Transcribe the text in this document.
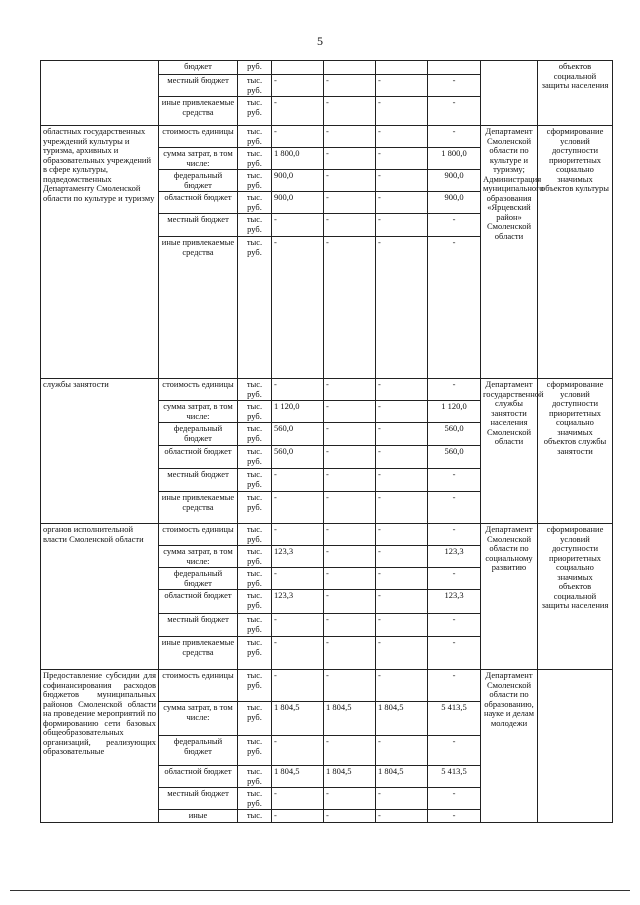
5
	бюджет	руб.						объектов социальной защиты населения
	местный бюджет	тыс. руб.	-	-	-	-		
	иные привлекаемые средства	тыс. руб.	-	-	-	-		
областных государственных учреждений культуры и туризма, архивных и образовательных учреждений в сфере культуры, подведомственных Департаменту Смоленской области по культуре и туризму	стоимость единицы	тыс. руб.	-	-	-	-	Департамент Смоленской области по культуре и туризму; Администрация муниципального образования «Ярцевский район» Смоленской области	сформирование условий доступности приоритетных социально значимых объектов культуры
	сумма затрат, в том числе:	тыс. руб.	1 800,0	-	-	1 800,0		
	федеральный бюджет	тыс. руб.	900,0	-	-	900,0		
	областной бюджет	тыс. руб.	900,0	-	-	900,0		
	местный бюджет	тыс. руб.	-	-	-	-		
	иные привлекаемые средства	тыс. руб.	-	-	-	-		
службы занятости	стоимость единицы	тыс. руб.	-	-	-	-	Департамент государственной службы занятости населения Смоленской области	сформирование условий доступности приоритетных социально значимых объектов службы занятости
	сумма затрат, в том числе:	тыс. руб.	1 120,0	-	-	1 120,0		
	федеральный бюджет	тыс. руб.	560,0	-	-	560,0		
	областной бюджет	тыс. руб.	560,0	-	-	560,0		
	местный бюджет	тыс. руб.	-	-	-	-		
	иные привлекаемые средства	тыс. руб.	-	-	-	-		
органов исполнительной власти Смоленской области	стоимость единицы	тыс. руб.	-	-	-	-	Департамент Смоленской области по социальному развитию	сформирование условий доступности приоритетных социально значимых объектов социальной защиты населения
	сумма затрат, в том числе:	тыс. руб.	123,3	-	-	123,3		
	федеральный бюджет	тыс. руб.	-	-	-	-		
	областной бюджет	тыс. руб.	123,3	-	-	123,3		
	местный бюджет	тыс. руб.	-	-	-	-		
	иные привлекаемые средства	тыс. руб.	-	-	-	-		
Предоставление субсидии для софинансирования расходов бюджетов муниципальных районов Смоленской области на проведение мероприятий по формированию сети базовых общеобразовательных организаций, реализующих образовательные	стоимость единицы	тыс. руб.	-	-	-	-	Департамент Смоленской области по образованию, науке и делам молодежи	
	сумма затрат, в том числе:	тыс. руб.	1 804,5	1 804,5	1 804,5	5 413,5		
	федеральный бюджет	тыс. руб.	-	-	-	-		
	областной бюджет	тыс. руб.	1 804,5	1 804,5	1 804,5	5 413,5		
	местный бюджет	тыс. руб.	-	-	-	-		
	иные	тыс.	-	-	-	-		
